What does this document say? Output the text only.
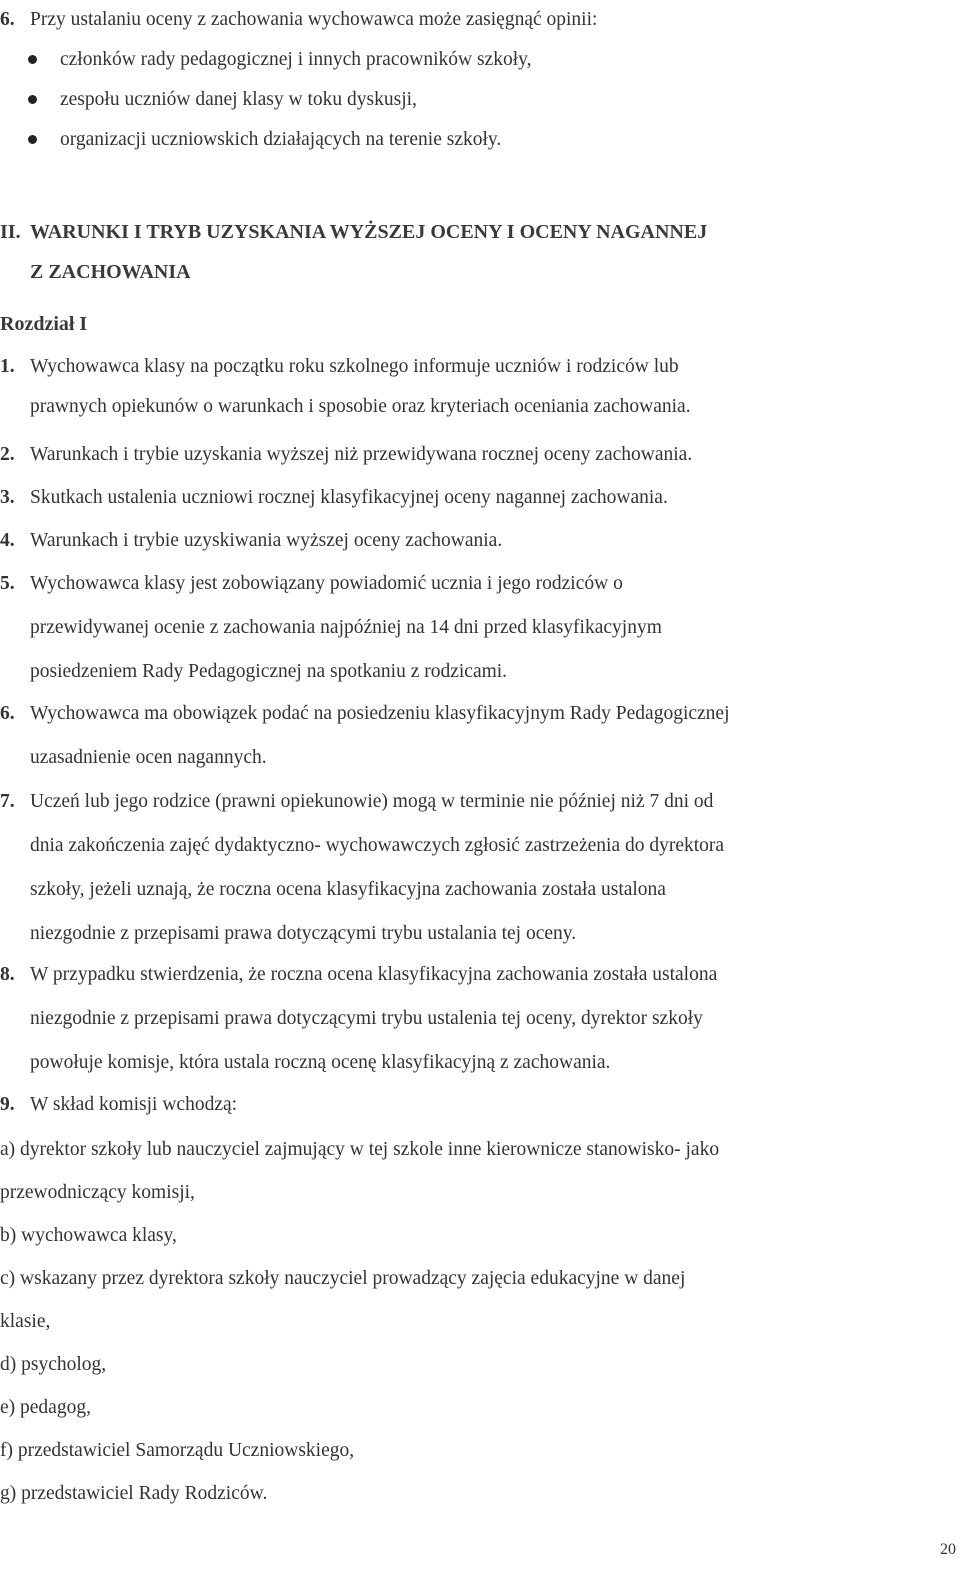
6. Przy ustalaniu oceny z zachowania wychowawca może zasięgnąć opinii:
członków rady pedagogicznej i innych pracowników szkoły,
zespołu uczniów danej klasy w toku dyskusji,
organizacji uczniowskich działających na terenie szkoły.
II. WARUNKI I TRYB UZYSKANIA WYŻSZEJ OCENY I OCENY NAGANNEJ
Z ZACHOWANIA
Rozdział I
1. Wychowawca klasy na początku roku szkolnego informuje uczniów i rodziców lub
prawnych opiekunów o warunkach i sposobie oraz kryteriach oceniania zachowania.
2. Warunkach i trybie uzyskania wyższej niż przewidywana rocznej oceny zachowania.
3. Skutkach ustalenia uczniowi rocznej klasyfikacyjnej oceny nagannej zachowania.
4. Warunkach i trybie uzyskiwania wyższej oceny zachowania.
5. Wychowawca klasy jest zobowiązany powiadomić ucznia i jego rodziców o
przewidywanej ocenie z zachowania najpóźniej na 14 dni przed klasyfikacyjnym
posiedzeniem Rady Pedagogicznej na spotkaniu z rodzicami.
6. Wychowawca ma obowiązek podać na posiedzeniu klasyfikacyjnym Rady Pedagogicznej
uzasadnienie ocen nagannych.
7. Uczeń lub jego rodzice (prawni opiekunowie) mogą w terminie nie później niż 7 dni od
dnia zakończenia zajęć dydaktyczno- wychowawczych zgłosić zastrzeżenia do dyrektora
szkoły, jeżeli uznają, że roczna ocena klasyfikacyjna zachowania została ustalona
niezgodnie z przepisami prawa dotyczącymi trybu ustalania tej oceny.
8. W przypadku stwierdzenia, że roczna ocena klasyfikacyjna zachowania została ustalona
niezgodnie z przepisami prawa dotyczącymi trybu ustalenia tej oceny, dyrektor szkoły
powołuje komisje, która ustala roczną ocenę klasyfikacyjną z zachowania.
9. W skład komisji wchodzą:
a) dyrektor szkoły lub nauczyciel zajmujący w tej szkole inne kierownicze stanowisko- jako
przewodniczący komisji,
b) wychowawca klasy,
c) wskazany przez dyrektora szkoły nauczyciel prowadzący zajęcia edukacyjne w danej
klasie,
d) psycholog,
e) pedagog,
f) przedstawiciel Samorządu Uczniowskiego,
g) przedstawiciel Rady Rodziców.
20
